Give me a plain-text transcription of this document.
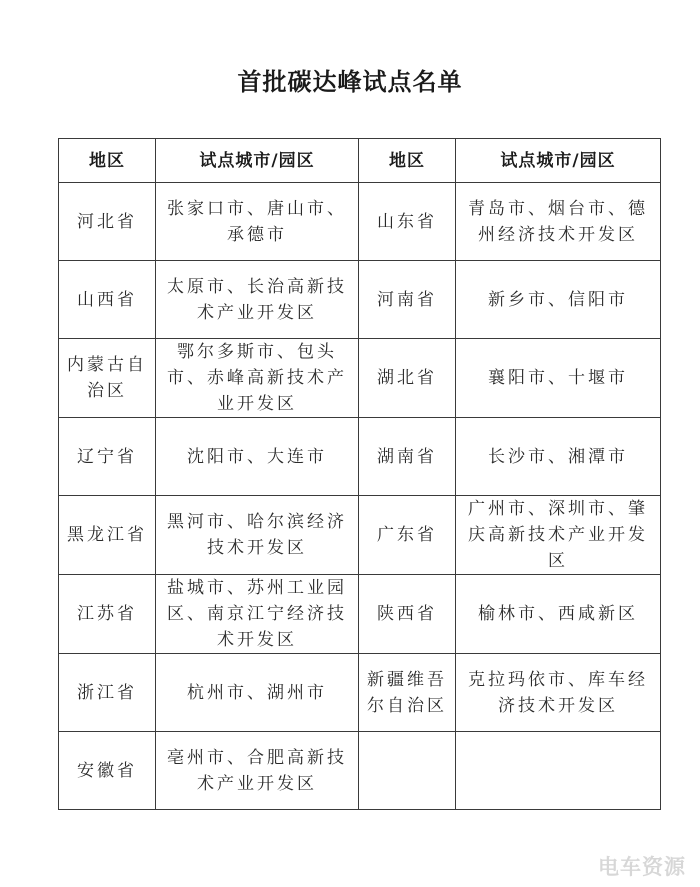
首批碳达峰试点名单
地区	试点城市/园区	地区	试点城市/园区
河北省	张家口市、唐山市、承德市	山东省	青岛市、烟台市、德州经济技术开发区
山西省	太原市、长治高新技术产业开发区	河南省	新乡市、信阳市
内蒙古自治区	鄂尔多斯市、包头市、赤峰高新技术产业开发区	湖北省	襄阳市、十堰市
辽宁省	沈阳市、大连市	湖南省	长沙市、湘潭市
黑龙江省	黑河市、哈尔滨经济技术开发区	广东省	广州市、深圳市、肇庆高新技术产业开发区
江苏省	盐城市、苏州工业园区、南京江宁经济技术开发区	陕西省	榆林市、西咸新区
浙江省	杭州市、湖州市	新疆维吾尔自治区	克拉玛依市、库车经济技术开发区
安徽省	亳州市、合肥高新技术产业开发区		
电车资源
